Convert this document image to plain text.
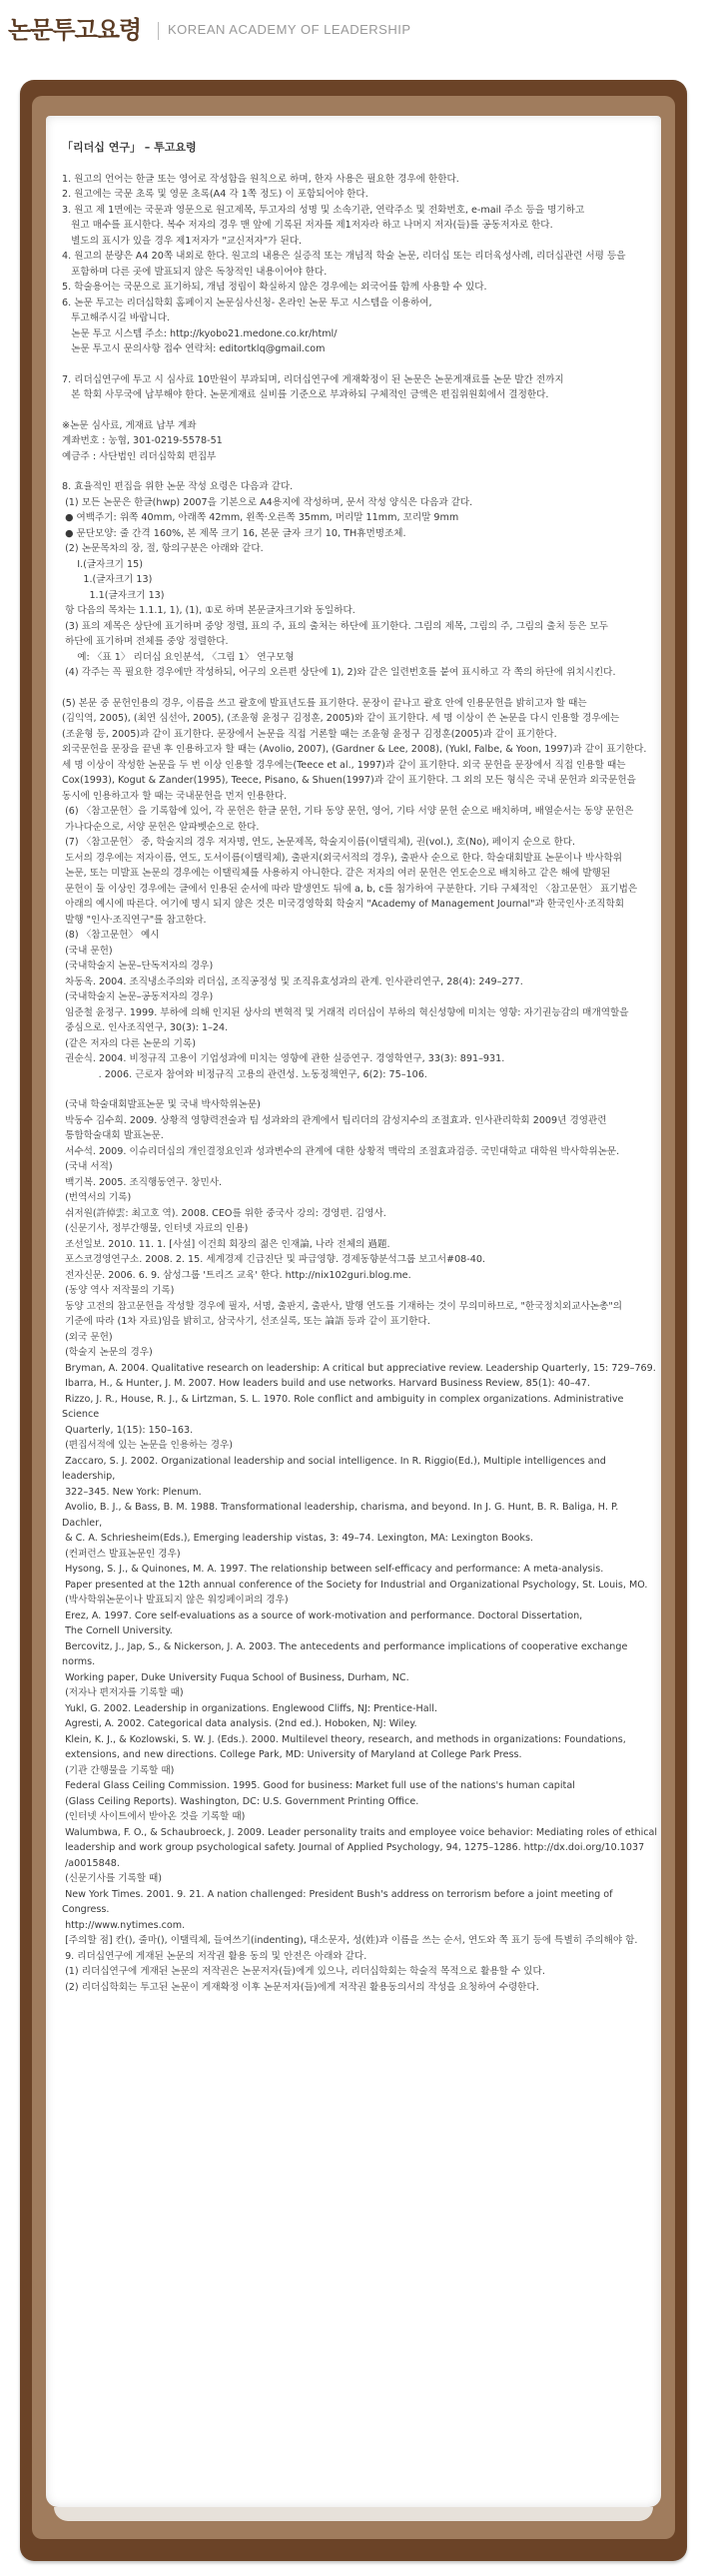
논문투고요령 KOREAN ACADEMY OF LEADERSHIP
「리더십 연구」 – 투고요령

1. 원고의 언어는 한글 또는 영어로 작성함을 원칙으로 하며, 한자 사용은 필요한 경우에 한한다.

2. 원고에는 국문 초록 및 영문 초록(A4 각 1쪽 정도) 이 포함되어야 한다.

3. 원고 제 1면에는 국문과 영문으로 원고제목, 투고자의 성명 및 소속기관, 연락주소 및 전화번호, e-mail 주소 등을 명기하고

원고 매수를 표시한다. 복수 저자의 경우 맨 앞에 기록된 저자를 제1저자라 하고 나머지 저자(들)를 공동저자로 한다.

별도의 표시가 있을 경우 제1저자가 "교신저자"가 된다.

4. 원고의 분량은 A4 20쪽 내외로 한다. 원고의 내용은 실증적 또는 개념적 학술 논문, 리더십 또는 리더육성사례, 리더십관련 서평 등을

포함하며 다른 곳에 발표되지 않은 독창적인 내용이어야 한다.

5. 학술용어는 국문으로 표기하되, 개념 정립이 확실하지 않은 경우에는 외국어를 함께 사용할 수 있다.

6. 논문 투고는 리더십학회 홈페이지 논문심사신청- 온라인 논문 투고 시스템을 이용하여,

투고해주시길 바랍니다.

논문 투고 시스템 주소: http://kyobo21.medone.co.kr/html/

논문 투고시 문의사항 접수 연락처: editortklq@gmail.com

7. 리더십연구에 투고 시 심사료 10만원이 부과되며, 리더십연구에 게재확정이 된 논문은 논문게재료를 논문 발간 전까지

본 학회 사무국에 납부해야 한다. 논문게재료 실비를 기준으로 부과하되 구체적인 금액은 편집위원회에서 결정한다.

※논문 심사료, 게재료 납부 계좌

계좌번호 : 농협, 301-0219-5578-51

예금주 : 사단법인 리더십학회 편집부

8. 효율적인 편집을 위한 논문 작성 요령은 다음과 같다.

(1) 모든 논문은 한글(hwp) 2007을 기본으로 A4용지에 작성하며, 문서 작성 양식은 다음과 같다.

● 여백주기: 위쪽 40mm, 아래쪽 42mm, 왼쪽·오른쪽 35mm, 머리말 11mm, 꼬리말 9mm

● 문단모양: 줄 간격 160%, 본 제목 크기 16, 본문 글자 크기 10, TH휴먼명조체.

(2) 논문목차의 장, 절, 항의구분은 아래와 같다.

Ⅰ.(글자크기 15)

1.(글자크기 13)

1.1(글자크기 13)

항 다음의 목차는 1.1.1, 1), (1), ①로 하며 본문글자크기와 동일하다.

(3) 표의 제목은 상단에 표기하며 중앙 정렬, 표의 주, 표의 출처는 하단에 표기한다. 그림의 제목, 그림의 주, 그림의 출처 등은 모두

하단에 표기하며 전체를 중앙 정렬한다.

예: 〈표 1〉 리더십 요인분석, 〈그림 1〉 연구모형

(4) 각주는 꼭 필요한 경우에만 작성하되, 어구의 오른편 상단에 1), 2)와 같은 일련번호를 붙여 표시하고 각 쪽의 하단에 위치시킨다.

(5) 본문 중 문헌인용의 경우, 이름을 쓰고 괄호에 발표년도를 표기한다. 문장이 끝나고 괄호 안에 인용문헌을 밝히고자 할 때는

(김익역, 2005), (최연 심선아, 2005), (조윤형 윤정구 김정훈, 2005)와 같이 표기한다. 세 명 이상이 쓴 논문을 다시 인용할 경우에는

(조윤형 등, 2005)과 같이 표기한다. 문장에서 논문을 직접 거론할 때는 조윤형 윤정구 김정훈(2005)과 같이 표기한다.

외국문헌을 문장을 끝낸 후 인용하고자 할 때는 (Avolio, 2007), (Gardner & Lee, 2008), (Yukl, Falbe, & Yoon, 1997)과 같이 표기한다.

세 명 이상이 작성한 논문을 두 번 이상 인용할 경우에는(Teece et al., 1997)과 같이 표기한다. 외국 문헌을 문장에서 직접 인용할 때는

Cox(1993), Kogut & Zander(1995), Teece, Pisano, & Shuen(1997)과 같이 표기한다. 그 외의 모든 형식은 국내 문헌과 외국문헌을

동시에 인용하고자 할 때는 국내문헌을 먼저 인용한다.

(6) 〈참고문헌〉을 기록함에 있어, 각 문헌은 한글 문헌, 기타 동양 문헌, 영어, 기타 서양 문헌 순으로 배치하며, 배열순서는 동양 문헌은

가나다순으로, 서양 문헌은 알파벳순으로 한다.

(7) 〈참고문헌〉 중, 학술지의 경우 저자명, 연도, 논문제목, 학술지이름(이탤릭체), 권(vol.), 호(No), 페이지 순으로 한다.

도서의 경우에는 저자이름, 연도, 도서이름(이탤릭체), 출판지(외국서적의 경우), 출판사 순으로 한다. 학술대회발표 논문이나 박사학위

논문, 또는 미발표 논문의 경우에는 이탤릭체를 사용하지 아니한다. 같은 저자의 여러 문헌은 연도순으로 배치하고 같은 해에 발행된

문헌이 둘 이상인 경우에는 글에서 인용된 순서에 따라 발생연도 뒤에 a, b, c를 첨가하여 구분한다. 기타 구체적인 〈참고문헌〉 표기법은

아래의 예시에 따른다. 여기에 명시 되지 않은 것은 미국경영학회 학술지 "Academy of Management Journal"과 한국인사·조직학회

발행 "인사·조직연구"를 참고한다.

(8) 〈참고문헌〉 예시

(국내 문헌)

(국내학술지 논문–단독저자의 경우)

차동옥. 2004. 조직냉소주의와 리더십, 조직공정성 및 조직유효성과의 관계. 인사관리연구, 28(4): 249–277.

(국내학술지 논문–공동저자의 경우)

임준철 윤정구. 1999. 부하에 의해 인지된 상사의 변혁적 및 거래적 리더십이 부하의 혁신성향에 미치는 영향: 자기권능감의 매개역할을

중심으로. 인사조직연구, 30(3): 1–24.

(같은 저자의 다른 논문의 기록)

권순식. 2004. 비정규직 고용이 기업성과에 미치는 영향에 관한 실증연구. 경영학연구, 33(3): 891–931.

. 2006. 근로자 참여와 비정규직 고용의 관련성. 노동정책연구, 6(2): 75–106.

(국내 학술대회발표논문 및 국내 박사학위논문)

박동수 김수희. 2009. 상황적 영향력전술과 팀 성과와의 관계에서 팀리더의 감성지수의 조절효과. 인사관리학회 2009년 경영관련

통합학술대회 발표논문.

서수석. 2009. 이슈리더십의 개인결정요인과 성과변수의 관계에 대한 상황적 맥락의 조절효과검증. 국민대학교 대학원 박사학위논문.

(국내 서적)

백기복. 2005. 조직행동연구. 창민사.

(번역서의 기록)

쉬저원(許倬雲: 최고호 역). 2008. CEO를 위한 중국사 강의: 경영편. 김영사.

(신문기사, 정부간행물, 인터넷 자료의 인용)

조선일보. 2010. 11. 1. [사설] 이건희 회장의 젊은 인재論, 나라 전체의 過題.

포스코경영연구소. 2008. 2. 15. 세계경제 긴급진단 및 파급영향. 경제동향분석그룹 보고서#08-40.

전자신문. 2006. 6. 9. 삼성그룹 '트리즈 교육' 한다. http://nix102guri.blog.me.

(동양 역사 저작물의 기록)

동양 고전의 참고문헌을 작성할 경우에 필자, 서명, 출판지, 출판사, 발행 연도를 기재하는 것이 무의미하므로, "한국정치외교사논총"의

기준에 따라 (1차 자료)임을 밝히고, 삼국사기, 선조실록, 또는 論語 등과 같이 표기한다.

(외국 문헌)

(학술지 논문의 경우)

Bryman, A. 2004. Qualitative research on leadership: A critical but appreciative review. Leadership Quarterly, 15: 729–769.

Ibarra, H., & Hunter, J. M. 2007. How leaders build and use networks. Harvard Business Review, 85(1): 40–47.

Rizzo, J. R., House, R. J., & Lirtzman, S. L. 1970. Role conflict and ambiguity in complex organizations. Administrative Science

Quarterly, 1(15): 150–163.

(편집서적에 있는 논문을 인용하는 경우)

Zaccaro, S. J. 2002. Organizational leadership and social intelligence. In R. Riggio(Ed.), Multiple intelligences and leadership,

322–345. New York: Plenum.

Avolio, B. J., & Bass, B. M. 1988. Transformational leadership, charisma, and beyond. In J. G. Hunt, B. R. Baliga, H. P. Dachler,

& C. A. Schriesheim(Eds.), Emerging leadership vistas, 3: 49–74. Lexington, MA: Lexington Books.

(컨퍼런스 발표논문인 경우)

Hysong, S. J., & Quinones, M. A. 1997. The relationship between self-efficacy and performance: A meta-analysis.

Paper presented at the 12th annual conference of the Society for Industrial and Organizational Psychology, St. Louis, MO.

(박사학위논문이나 발표되지 않은 워킹페이퍼의 경우)

Erez, A. 1997. Core self-evaluations as a source of work-motivation and performance. Doctoral Dissertation,

The Cornell University.

Bercovitz, J., Jap, S., & Nickerson, J. A. 2003. The antecedents and performance implications of cooperative exchange norms.

Working paper, Duke University Fuqua School of Business, Durham, NC.

(저자나 편저자를 기록할 때)

Yukl, G. 2002. Leadership in organizations. Englewood Cliffs, NJ: Prentice-Hall.

Agresti, A. 2002. Categorical data analysis. (2nd ed.). Hoboken, NJ: Wiley.

Klein, K. J., & Kozlowski, S. W. J. (Eds.). 2000. Multilevel theory, research, and methods in organizations: Foundations,

extensions, and new directions. College Park, MD: University of Maryland at College Park Press.

(기관 간행물을 기록할 때)

Federal Glass Ceiling Commission. 1995. Good for business: Market full use of the nations's human capital

(Glass Ceiling Reports). Washington, DC: U.S. Government Printing Office.

(인터넷 사이트에서 받아온 것을 기록할 때)

Walumbwa, F. O., & Schaubroeck, J. 2009. Leader personality traits and employee voice behavior: Mediating roles of ethical

leadership and work group psychological safety. Journal of Applied Psychology, 94, 1275–1286. http://dx.doi.org/10.1037

/a0015848.

(신문기사를 기록할 때)

New York Times. 2001. 9. 21. A nation challenged: President Bush's address on terrorism before a joint meeting of Congress.

http://www.nytimes.com.

[주의할 점] 칸(), 줄마(), 이탤릭체, 들여쓰기(indenting), 대소문자, 성(姓)과 이름을 쓰는 순서, 연도와 쪽 표기 등에 특별히 주의해야 함.

9. 리더십연구에 게재된 논문의 저작권 활용 동의 및 안전은 아래와 같다.

(1) 리더십연구에 게재된 논문의 저작권은 논문저자(들)에게 있으나, 리더십학회는 학술적 목적으로 활용할 수 있다.

(2) 리더십학회는 투고된 논문이 게재확정 이후 논문저자(들)에게 저작권 활용동의서의 작성을 요청하여 수령한다.
